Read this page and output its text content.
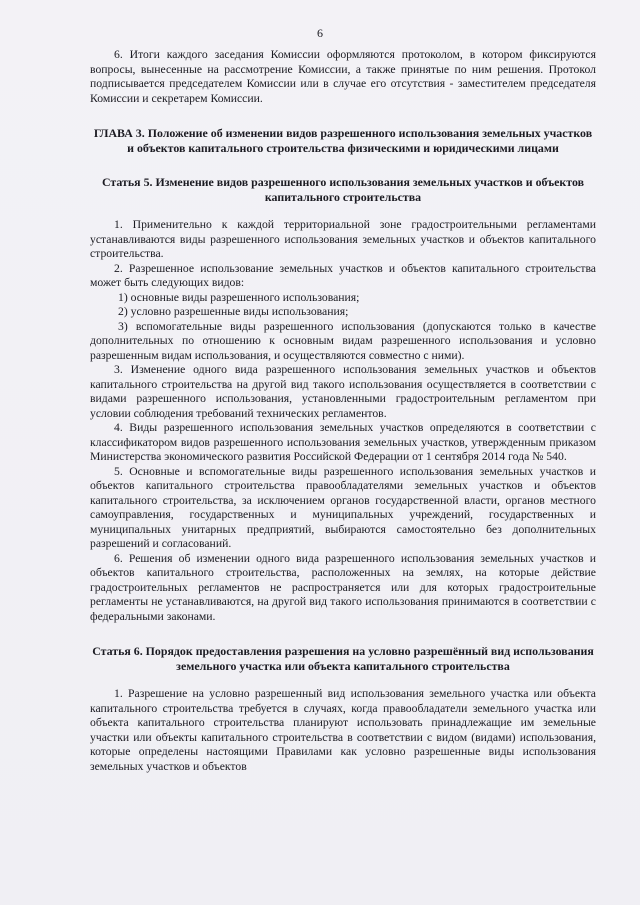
6

6. Итоги каждого заседания Комиссии оформляются протоколом, в котором фиксируются вопросы, вынесенные на рассмотрение Комиссии, а также принятые по ним решения. Протокол подписывается председателем Комиссии или в случае его отсутствия - заместителем председателя Комиссии и секретарем Комиссии.

ГЛАВА 3. Положение об изменении видов разрешенного использования земельных участков и объектов капитального строительства физическими и юридическими лицами
Статья 5. Изменение видов разрешенного использования земельных участков и объектов капитального строительства

1. Применительно к каждой территориальной зоне градостроительными регламентами устанавливаются виды разрешенного использования земельных участков и объектов капитального строительства.

2. Разрешенное использование земельных участков и объектов капитального строительства может быть следующих видов:

1) основные виды разрешенного использования;

2) условно разрешенные виды использования;

3) вспомогательные виды разрешенного использования (допускаются только в качестве дополнительных по отношению к основным видам разрешенного использования и условно разрешенным видам использования, и осуществляются совместно с ними).

3. Изменение одного вида разрешенного использования земельных участков и объектов капитального строительства на другой вид такого использования осуществляется в соответствии с видами разрешенного использования, установленными градостроительным регламентом при условии соблюдения требований технических регламентов.

4. Виды разрешенного использования земельных участков определяются в соответствии с классификатором видов разрешенного использования земельных участков, утвержденным приказом Министерства экономического развития Российской Федерации от 1 сентября 2014 года № 540.

5. Основные и вспомогательные виды разрешенного использования земельных участков и объектов капитального строительства правообладателями земельных участков и объектов капитального строительства, за исключением органов государственной власти, органов местного самоуправления, государственных и муниципальных учреждений, государственных и муниципальных унитарных предприятий, выбираются самостоятельно без дополнительных разрешений и согласований.

6. Решения об изменении одного вида разрешенного использования земельных участков и объектов капитального строительства, расположенных на землях, на которые действие градостроительных регламентов не распространяется или для которых градостроительные регламенты не устанавливаются, на другой вид такого использования принимаются в соответствии с федеральными законами.

Статья 6. Порядок предоставления разрешения на условно разрешённый вид использования земельного участка или объекта капитального строительства

1. Разрешение на условно разрешенный вид использования земельного участка или объекта капитального строительства требуется в случаях, когда правообладатели земельного участка или объекта капитального строительства планируют использовать принадлежащие им земельные участки или объекты капитального строительства в соответствии с видом (видами) использования, которые определены настоящими Правилами как условно разрешенные виды использования земельных участков и объектов
